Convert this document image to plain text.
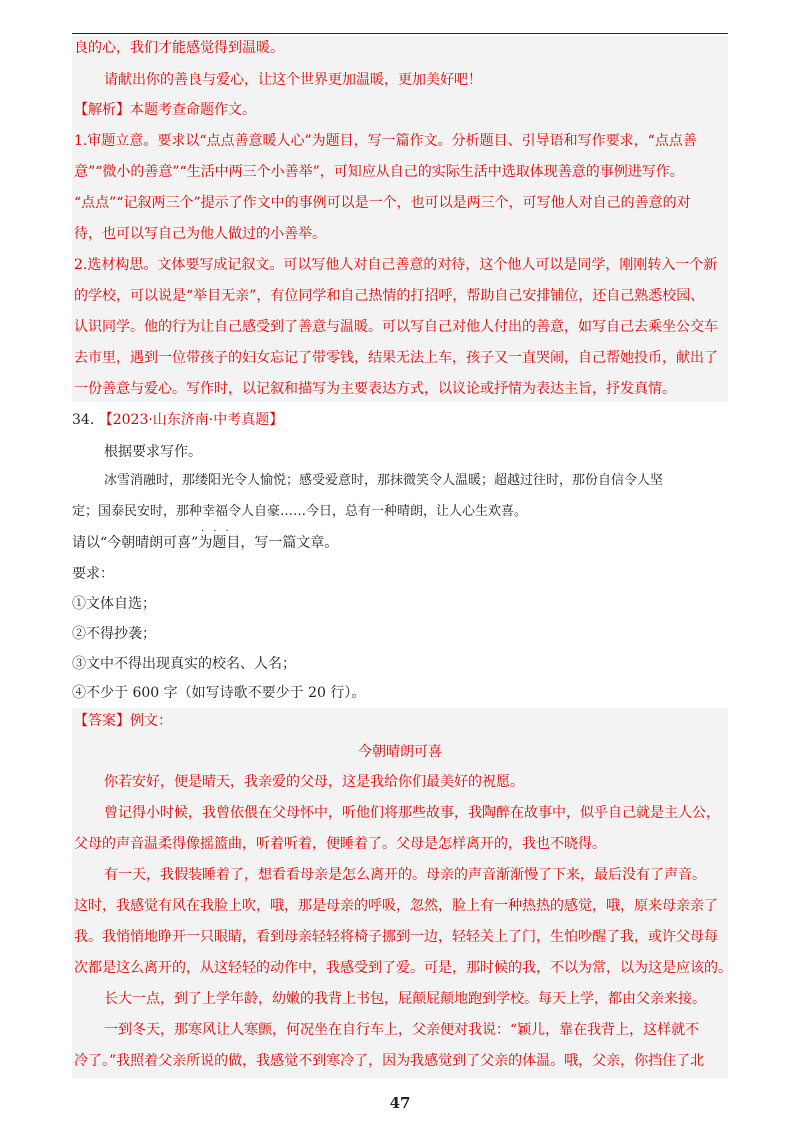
良的心，我们才能感觉得到温暖。
请献出你的善良与爱心，让这个世界更加温暖，更加美好吧！
【解析】本题考查命题作文。
1.审题立意。要求以“点点善意暖人心”为题目，写一篇作文。分析题目、引导语和写作要求，“点点善
意”“微小的善意”“生活中两三个小善举”，可知应从自己的实际生活中选取体现善意的事例进写作。
“点点”“记叙两三个”提示了作文中的事例可以是一个，也可以是两三个，可写他人对自己的善意的对
待，也可以写自己为他人做过的小善举。
2.选材构思。文体要写成记叙文。可以写他人对自己善意的对待，这个他人可以是同学，刚刚转入一个新
的学校，可以说是“举目无亲”，有位同学和自己热情的打招呼，帮助自己安排铺位，还自己熟悉校园、
认识同学。他的行为让自己感受到了善意与温暖。可以写自己对他人付出的善意，如写自己去乘坐公交车
去市里，遇到一位带孩子的妇女忘记了带零钱，结果无法上车，孩子又一直哭闹，自己帮她投币，献出了
一份善意与爱心。写作时，以记叙和描写为主要表达方式，以议论或抒情为表达主旨，抒发真情。
34. 【2023·山东济南·中考真题】
根据要求写作。
冰雪消融时，那缕阳光令人愉悦；感受爱意时，那抹微笑令人温暖；超越过往时，那份自信令人坚
定；国泰民安时，那种幸福令人自豪……今日，总有一种晴朗，让人心生欢喜。
请以“今朝晴朗可喜”
···
为题目，写一篇文章。
要求：
①文体自选；
②不得抄袭；
③文中不得出现真实的校名、人名；
④不少于 600 字（如写诗歌不要少于 20 行）。
【答案】例文：
今朝晴朗可喜
你若安好，便是晴天，我亲爱的父母，这是我给你们最美好的祝愿。
曾记得小时候，我曾依偎在父母怀中，听他们将那些故事，我陶醉在故事中，似乎自己就是主人公，
父母的声音温柔得像摇篮曲，听着听着，便睡着了。父母是怎样离开的，我也不晓得。
有一天，我假装睡着了，想看看母亲是怎么离开的。母亲的声音渐渐慢了下来，最后没有了声音。
这时，我感觉有风在我脸上吹，哦，那是母亲的呼吸，忽然，脸上有一种热热的感觉，哦，原来母亲亲了
我。我悄悄地睁开一只眼睛，看到母亲轻轻将椅子挪到一边，轻轻关上了门，生怕吵醒了我，或许父母每
次都是这么离开的，从这轻轻的动作中，我感受到了爱。可是，那时候的我，不以为常，以为这是应该的。
长大一点，到了上学年龄，幼嫩的我背上书包，屁颠屁颠地跑到学校。每天上学，都由父亲来接。
一到冬天，那寒风让人寒颤，何况坐在自行车上，父亲便对我说：“颖儿，靠在我背上，这样就不
冷了。”我照着父亲所说的做，我感觉不到寒冷了，因为我感觉到了父亲的体温。哦，父亲，你挡住了北
47
